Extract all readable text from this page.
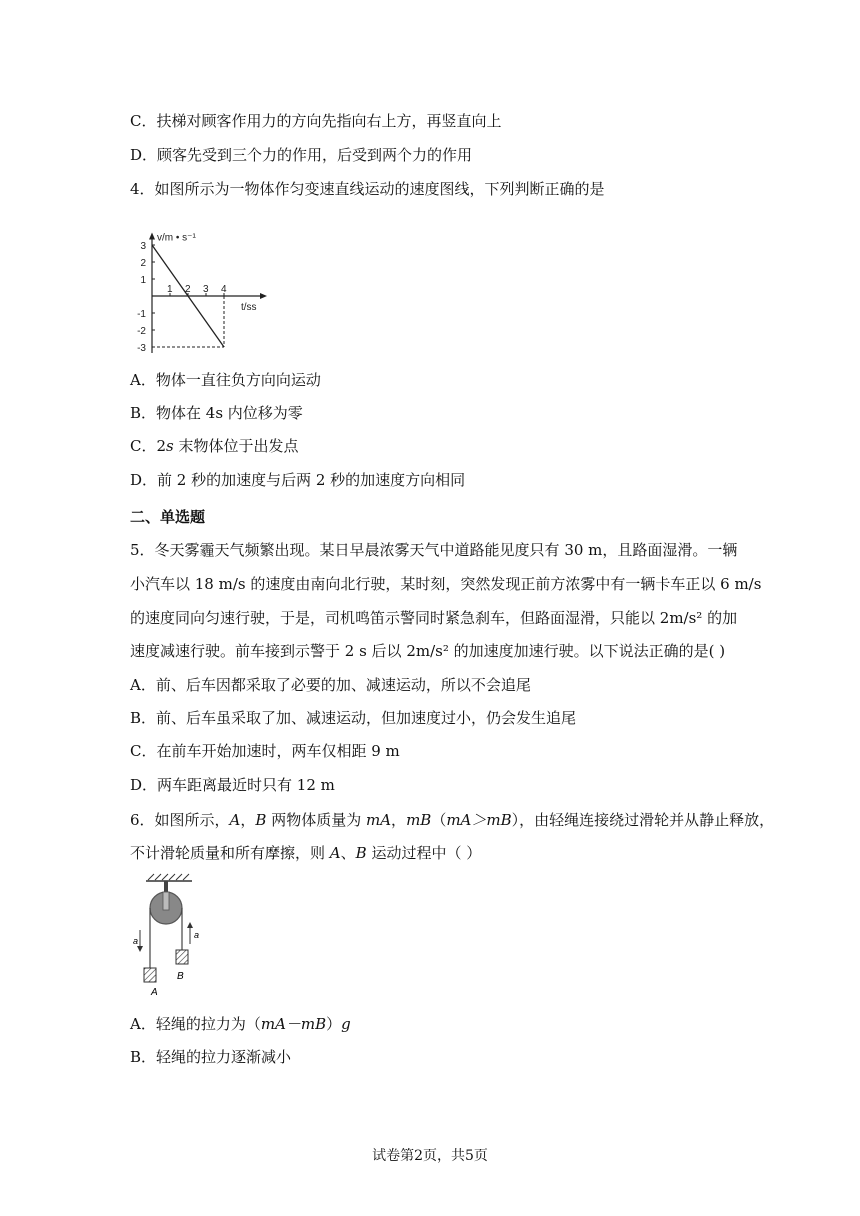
C．扶梯对顾客作用力的方向先指向右上方，再竖直向上
D．顾客先受到三个力的作用，后受到两个力的作用
4．如图所示为一物体作匀变速直线运动的速度图线，下列判断正确的是
v/m • s⁻¹
t/ss
1 2 3 4
3
2
1
-1
-2
-3
A．物体一直往负方向向运动
B．物体在 4s 内位移为零
C．2s 末物体位于出发点
D．前 2 秒的加速度与后两 2 秒的加速度方向相同
二、单选题
5．冬天雾霾天气频繁出现。某日早晨浓雾天气中道路能见度只有 30 m，且路面湿滑。一辆
小汽车以 18 m/s 的速度由南向北行驶，某时刻，突然发现正前方浓雾中有一辆卡车正以 6 m/s
的速度同向匀速行驶，于是，司机鸣笛示警同时紧急刹车，但路面湿滑，只能以 2m/s² 的加
速度减速行驶。前车接到示警于 2 s 后以 2m/s² 的加速度加速行驶。以下说法正确的是( )
A．前、后车因都采取了必要的加、减速运动，所以不会追尾
B．前、后车虽采取了加、减速运动，但加速度过小，仍会发生追尾
C．在前车开始加速时，两车仅相距 9 m
D．两车距离最近时只有 12 m
6．如图所示，A，B 两物体质量为 mA，mB（mA＞mB），由轻绳连接绕过滑轮并从静止释放，
不计滑轮质量和所有摩擦，则 A、B 运动过程中（ ）
a
a
A
B
A．轻绳的拉力为（mA－mB）g
B．轻绳的拉力逐渐减小
试卷第2页，共5页
